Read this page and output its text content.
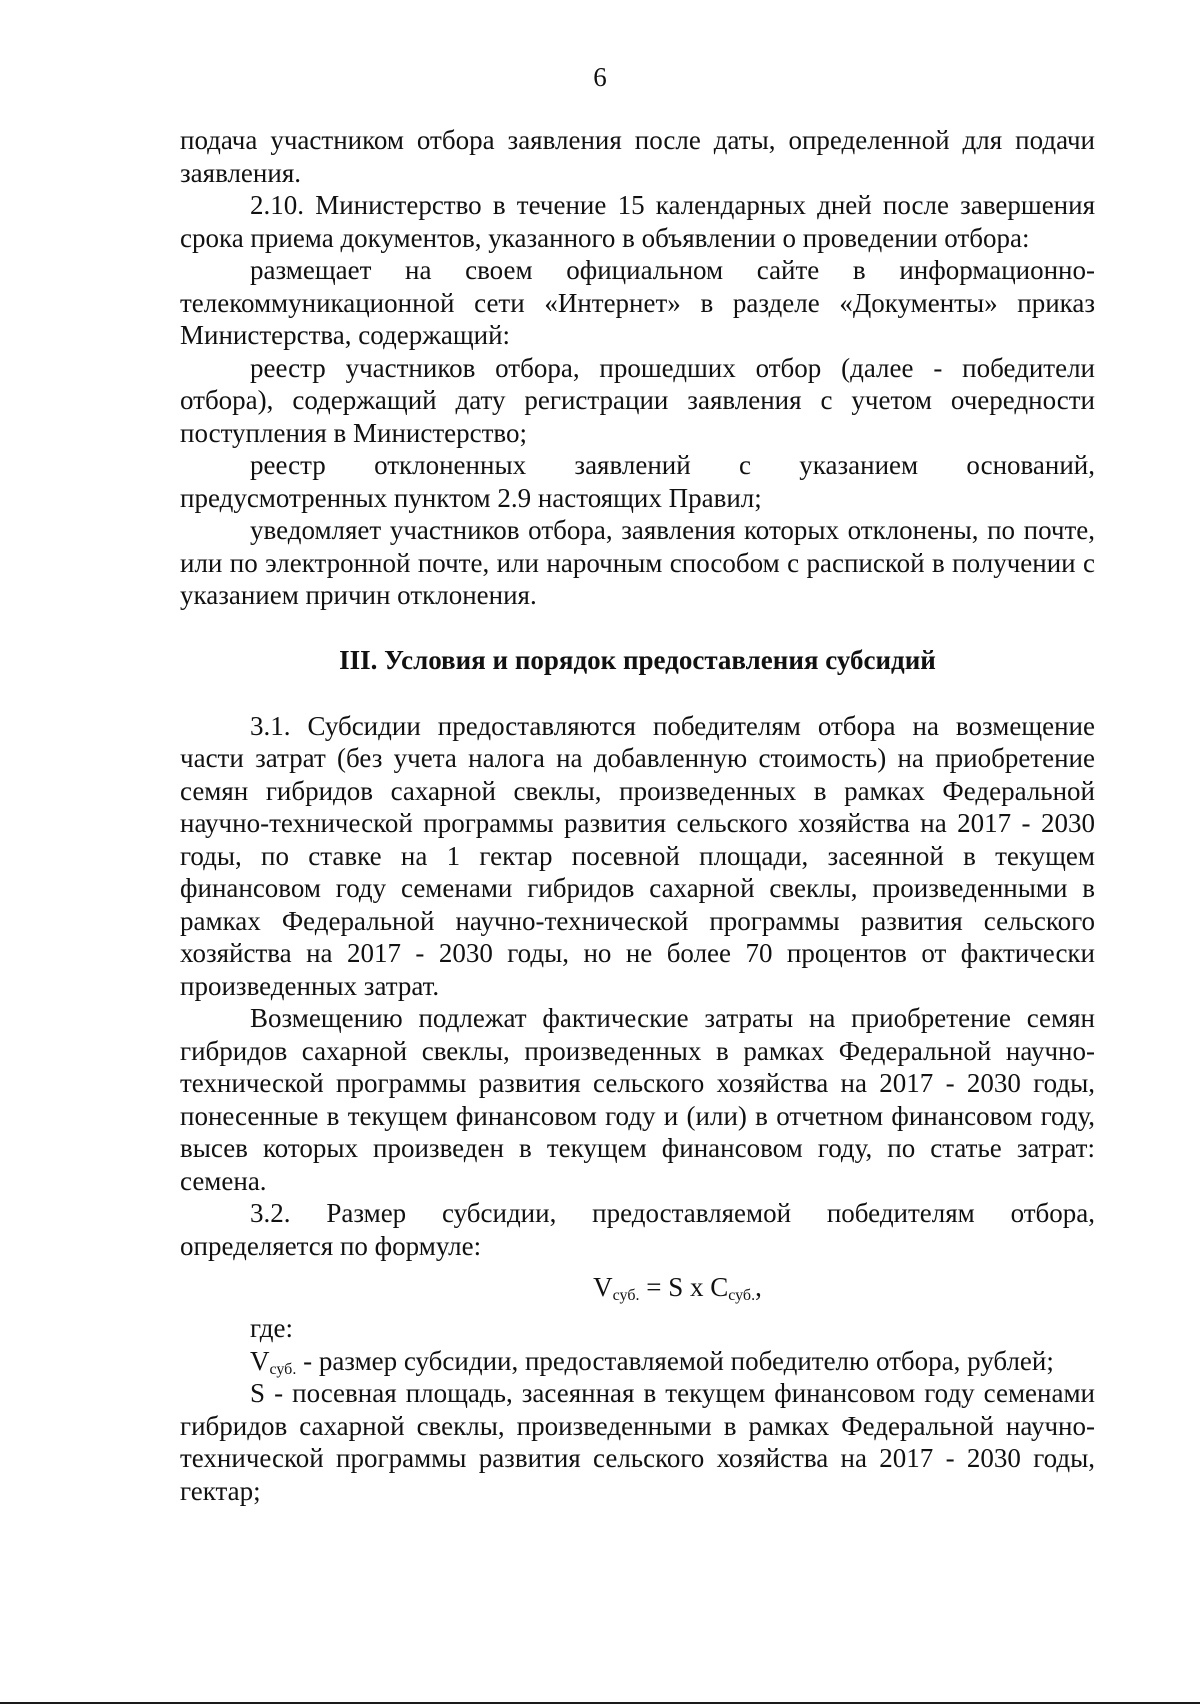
6

подача участником отбора заявления после даты, определенной для подачи заявления.

2.10. Министерство в течение 15 календарных дней после завершения срока приема документов, указанного в объявлении о проведении отбора:

размещает на своем официальном сайте в информационно-телекоммуникационной сети «Интернет» в разделе «Документы» приказ Министерства, содержащий:

реестр участников отбора, прошедших отбор (далее - победители отбора), содержащий дату регистрации заявления с учетом очередности поступления в Министерство;

реестр отклоненных заявлений с указанием оснований, предусмотренных пунктом 2.9 настоящих Правил;

уведомляет участников отбора, заявления которых отклонены, по почте, или по электронной почте, или нарочным способом с распиской в получении с указанием причин отклонения.

III. Условия и порядок предоставления субсидий

3.1. Субсидии предоставляются победителям отбора на возмещение части затрат (без учета налога на добавленную стоимость) на приобретение семян гибридов сахарной свеклы, произведенных в рамках Федеральной научно-технической программы развития сельского хозяйства на 2017 - 2030 годы, по ставке на 1 гектар посевной площади, засеянной в текущем финансовом году семенами гибридов сахарной свеклы, произведенными в рамках Федеральной научно-технической программы развития сельского хозяйства на 2017 - 2030 годы, но не более 70 процентов от фактически произведенных затрат.

Возмещению подлежат фактические затраты на приобретение семян гибридов сахарной свеклы, произведенных в рамках Федеральной научно-технической программы развития сельского хозяйства на 2017 - 2030 годы, понесенные в текущем финансовом году и (или) в отчетном финансовом году, высев которых произведен в текущем финансовом году, по статье затрат: семена.

3.2. Размер субсидии, предоставляемой победителям отбора, определяется по формуле:

$V_{суб.} = S$ x $C_{суб.}$,

где:

$V_{суб.}$ - размер субсидии, предоставляемой победителю отбора, рублей;

S - посевная площадь, засеянная в текущем финансовом году семенами гибридов сахарной свеклы, произведенными в рамках Федеральной научно-технической программы развития сельского хозяйства на 2017 - 2030 годы, гектар;
